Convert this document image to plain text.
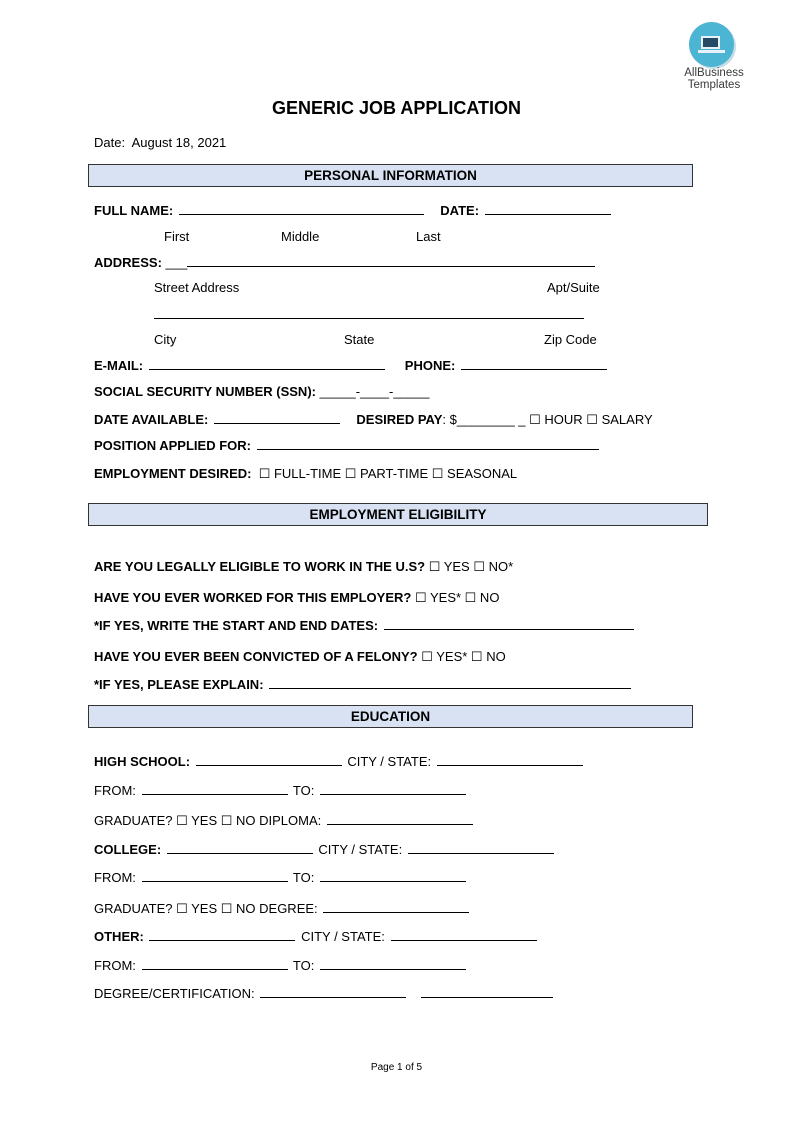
AllBusiness
Templates
GENERIC JOB APPLICATION
Date: August 18, 2021
PERSONAL INFORMATION
FULL NAME:	DATE:
First	Middle	Last
ADDRESS: ___
Street Address	Apt/Suite
City	State	Zip Code
E-MAIL:	PHONE:
SOCIAL SECURITY NUMBER (SSN): _____-____-_____
DATE AVAILABLE:	DESIRED PAY: $________ _ ☐ HOUR ☐ SALARY
POSITION APPLIED FOR:
EMPLOYMENT DESIRED: ☐ FULL-TIME ☐ PART-TIME ☐ SEASONAL
EMPLOYMENT ELIGIBILITY
ARE YOU LEGALLY ELIGIBLE TO WORK IN THE U.S? ☐ YES ☐ NO*
HAVE YOU EVER WORKED FOR THIS EMPLOYER? ☐ YES* ☐ NO
*IF YES, WRITE THE START AND END DATES:
HAVE YOU EVER BEEN CONVICTED OF A FELONY? ☐ YES* ☐ NO
*IF YES, PLEASE EXPLAIN:
EDUCATION
HIGH SCHOOL:	CITY / STATE:
FROM:	TO:
GRADUATE? ☐ YES ☐ NO DIPLOMA:
COLLEGE:	CITY / STATE:
FROM:	TO:
GRADUATE? ☐ YES ☐ NO DEGREE:
OTHER:	CITY / STATE:
FROM:	TO:
DEGREE/CERTIFICATION:
Page 1 of 5
